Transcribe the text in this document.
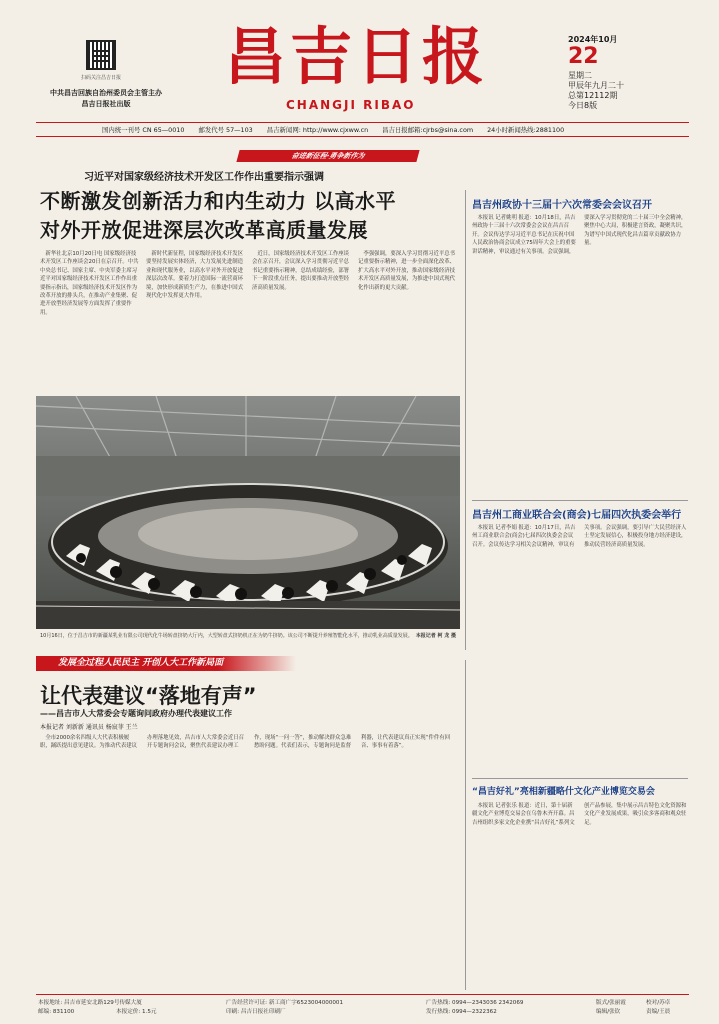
扫码关注昌吉日报
中共昌吉回族自治州委员会主管主办
昌吉日报社出版
昌吉日报
CHANGJI RIBAO
2024年10月
22
星期二
甲辰年九月二十
总第12112期
今日8版
国内统一刊号 CN 65—0010 邮发代号 57—103 昌吉新闻网: http://www.cjxww.cn 昌吉日报邮箱:cjrbs@sina.com 24小时新闻热线:2881100
奋进新征程·勇争新作为
习近平对国家级经济技术开发区工作作出重要指示强调
不断激发创新活力和内生动力 以高水平
对外开放促进深层次改革高质量发展

新华社北京10月20日电 国家级经济技术开发区工作座谈会20日在京召开。中共中央总书记、国家主席、中央军委主席习近平对国家级经济技术开发区工作作出重要指示指出，国家级经济技术开发区作为改革开放的排头兵，在推动产业集聚、促进开放型经济发展等方面发挥了重要作用。

新时代新征程，国家级经济技术开发区要坚持发展实体经济，大力发展先进制造业和现代服务业，以高水平对外开放促进深层次改革。要着力打造国际一流营商环境，加快形成新质生产力，在推进中国式现代化中发挥更大作用。

近日，国家级经济技术开发区工作座谈会在京召开，会议深入学习贯彻习近平总书记重要指示精神，总结成绩经验，部署下一阶段重点任务，提出要推动开放型经济高质量发展。

李强强调，要深入学习贯彻习近平总书记重要指示精神，进一步全面深化改革、扩大高水平对外开放，推动国家级经济技术开发区高质量发展，为推进中国式现代化作出新的更大贡献。

10月16日，位于昌吉市的新疆某乳业有限公司现代化牛场转盘挤奶大厅内，大型转盘式挤奶机正在为奶牛挤奶。该公司不断提升养殖智能化水平，推动乳业高质量发展。 本报记者 柯 龙 摄
昌吉州政协十三届十六次常委会会议召开

本报讯 记者姚明 报道：10月18日，昌吉州政协十三届十六次常委会会议在昌吉召开。会议传达学习习近平总书记在庆祝中国人民政治协商会议成立75周年大会上的重要讲话精神，审议通过有关事项。会议强调，要深入学习贯彻党的二十届三中全会精神，聚焦中心大局，积极建言资政，凝聚共识，为谱写中国式现代化昌吉篇章贡献政协力量。

昌吉州工商业联合会(商会)七届四次执委会举行

本报讯 记者李娟 报道：10月17日，昌吉州工商业联合会(商会)七届四次执委会会议召开。会议传达学习相关会议精神，审议有关事项。会议强调，要引导广大民营经济人士坚定发展信心，积极投身地方经济建设，推动民营经济高质量发展。

“昌吉好礼”亮相新疆略什文化产业博览交易会

本报讯 记者张乐 报道：近日，第十届新疆文化产业博览交易会在乌鲁木齐开幕。昌吉州组织多家文化企业携“昌吉好礼”系列文创产品参展，集中展示昌吉特色文化资源和文化产业发展成果，吸引众多客商和观众驻足。

发展全过程人民民主 开创人大工作新局面
让代表建议“落地有声”
——昌吉市人大常委会专题询问政府办理代表建议工作
本报记者 刘新新 通讯员 杨宸菲 王兰

全市2000余名四级人大代表积极履职，踊跃提出意见建议。为推动代表建议办理落地见效，昌吉市人大常委会近日召开专题询问会议，聚焦代表建议办理工作，现场“一问一答”，推动解决群众急难愁盼问题。代表们表示，专题询问是监督利器，让代表建议真正实现“件件有回音、事事有着落”。

本报地址: 昌吉市延安北路129号传媒大厦
邮编: 831100	本报定价: 1.5元
广告经营许可证: 新工商广字6523004000001
印刷: 昌吉日报社印刷厂
广告热线: 0994—2343036 2342069
发行热线: 0994—2322362
版式/张丽霞	校对/苏卓
编辑/张钦	责编/王晨
